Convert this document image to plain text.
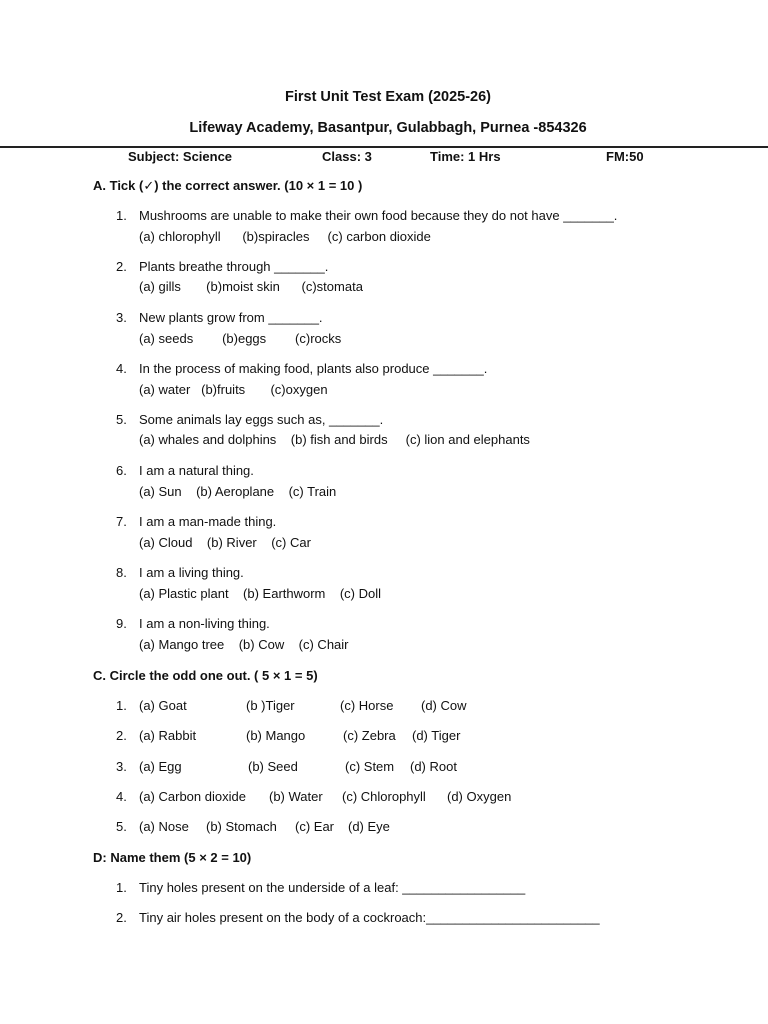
First Unit Test Exam (2025-26)
Lifeway Academy, Basantpur, Gulabbagh, Purnea -854326
Subject: Science	Class: 3	Time: 1 Hrs	FM:50
A. Tick (✓) the correct answer. (10 × 1 = 10 )
1. Mushrooms are unable to make their own food because they do not have _______.
(a) chlorophyll      (b)spiracles     (c) carbon dioxide
2. Plants breathe through _______.
(a) gills       (b)moist skin      (c)stomata
3. New plants grow from _______.
(a) seeds        (b)eggs        (c)rocks
4. In the process of making food, plants also produce _______.
(a) water   (b)fruits       (c)oxygen
5. Some animals lay eggs such as, _______.
(a) whales and dolphins    (b) fish and birds     (c) lion and elephants
6. I am a natural thing.
(a) Sun    (b) Aeroplane    (c) Train
7. I am a man-made thing.
(a) Cloud    (b) River    (c) Car
8. I am a living thing.
(a) Plastic plant    (b) Earthworm    (c) Doll
9. I am a non-living thing.
(a) Mango tree    (b) Cow    (c) Chair
C. Circle the odd one out. ( 5 × 1 = 5)
1. (a) Goat	(b )Tiger	(c) Horse (d) Cow
2. (a) Rabbit	(b) Mango	(c) Zebra (d) Tiger
3. (a) Egg	(b) Seed	(c) Stem (d) Root
4. (a) Carbon dioxide (b) Water (c) Chlorophyll (d) Oxygen
5. (a) Nose (b) Stomach (c) Ear (d) Eye
D: Name them (5 × 2 = 10)
1. Tiny holes present on the underside of a leaf: _________________
2. Tiny air holes present on the body of a cockroach:________________________
